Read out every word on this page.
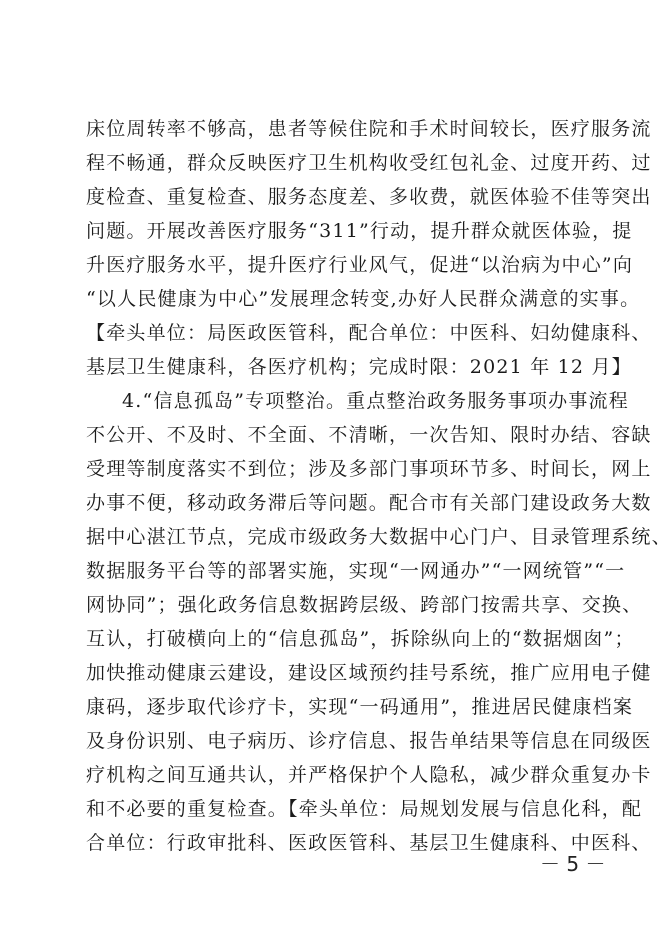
床位周转率不够高，患者等候住院和手术时间较长，医疗服务流
程不畅通，群众反映医疗卫生机构收受红包礼金、过度开药、过
度检查、重复检查、服务态度差、多收费，就医体验不佳等突出
问题。开展改善医疗服务“311”行动，提升群众就医体验，提
升医疗服务水平，提升医疗行业风气，促进“以治病为中心”向
“以人民健康为中心”发展理念转变,办好人民群众满意的实事。
【牵头单位：局医政医管科，配合单位：中医科、妇幼健康科、
基层卫生健康科，各医疗机构；完成时限：2021 年 12 月】
4.“信息孤岛”专项整治。重点整治政务服务事项办事流程
不公开、不及时、不全面、不清晰，一次告知、限时办结、容缺
受理等制度落实不到位；涉及多部门事项环节多、时间长，网上
办事不便，移动政务滞后等问题。配合市有关部门建设政务大数
据中心湛江节点，完成市级政务大数据中心门户、目录管理系统、
数据服务平台等的部署实施，实现“一网通办”“一网统管”“一
网协同”；强化政务信息数据跨层级、跨部门按需共享、交换、
互认，打破横向上的“信息孤岛”，拆除纵向上的“数据烟囱”；
加快推动健康云建设，建设区域预约挂号系统，推广应用电子健
康码，逐步取代诊疗卡，实现“一码通用”，推进居民健康档案
及身份识别、电子病历、诊疗信息、报告单结果等信息在同级医
疗机构之间互通共认，并严格保护个人隐私，减少群众重复办卡
和不必要的重复检查。【牵头单位：局规划发展与信息化科，配
合单位：行政审批科、医政医管科、基层卫生健康科、中医科、
－ 5 －
